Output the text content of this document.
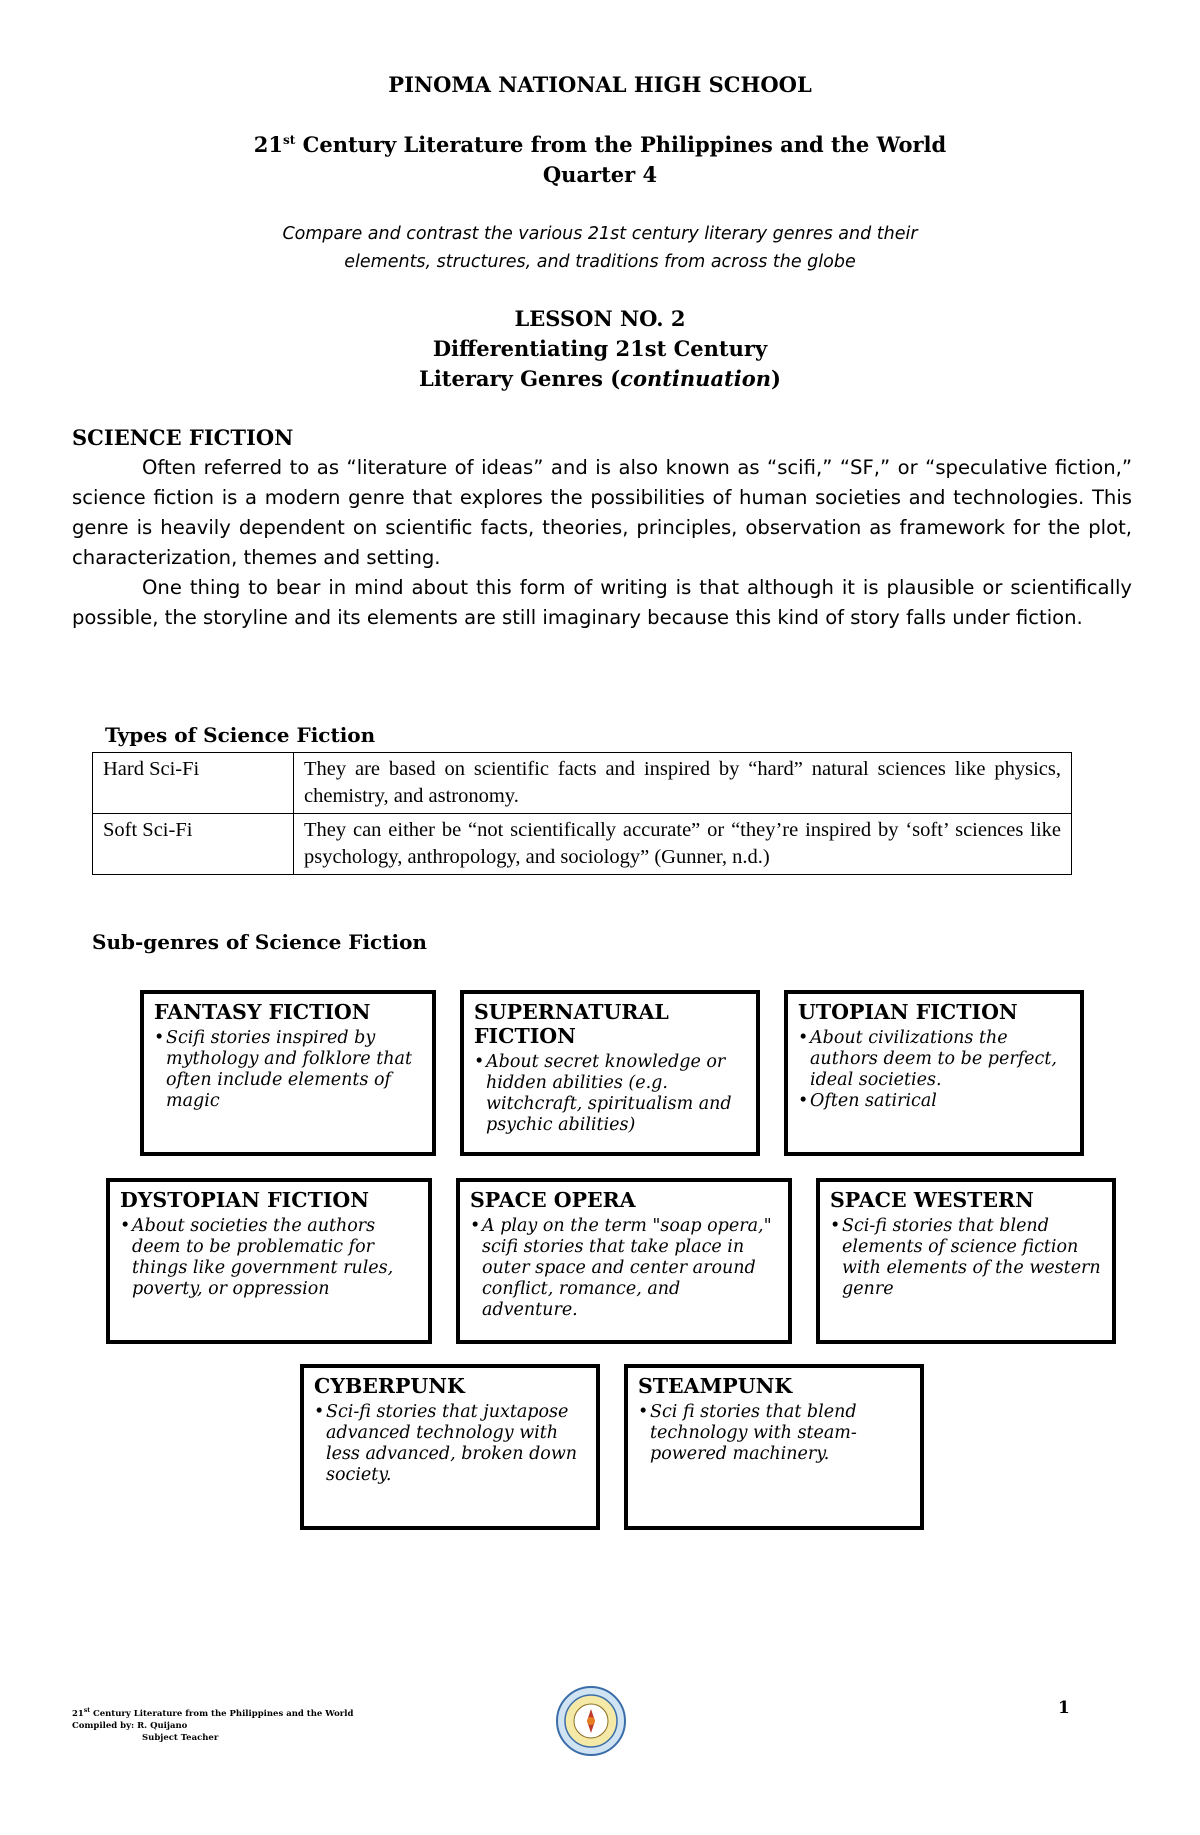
PINOMA NATIONAL HIGH SCHOOL
21st Century Literature from the Philippines and the World
Quarter 4
Compare and contrast the various 21st century literary genres and their
elements, structures, and traditions from across the globe
LESSON NO. 2
Differentiating 21st Century
Literary Genres (continuation)
SCIENCE FICTION

Often referred to as “literature of ideas” and is also known as “scifi,” “SF,” or “speculative fiction,” science fiction is a modern genre that explores the possibilities of human societies and technologies. This genre is heavily dependent on scientific facts, theories, principles, observation as framework for the plot, characterization, themes and setting.

One thing to bear in mind about this form of writing is that although it is plausible or scientifically possible, the storyline and its elements are still imaginary because this kind of story falls under fiction.

Types of Science Fiction
Hard Sci-Fi	They are based on scientific facts and inspired by “hard” natural sciences like physics, chemistry, and astronomy.
Soft Sci-Fi	They can either be “not scientifically accurate” or “they’re inspired by ‘soft’ sciences like psychology, anthropology, and sociology” (Gunner, n.d.)
Sub-genres of Science Fiction
FANTASY FICTION
• Scifi stories inspired by mythology and folklore that often include elements of magic
SUPERNATURAL FICTION
• About secret knowledge or hidden abilities (e.g. witchcraft, spiritualism and psychic abilities)
UTOPIAN FICTION
• About civilizations the authors deem to be perfect, ideal societies.
• Often satirical
DYSTOPIAN FICTION
• About societies the authors deem to be problematic for things like government rules, poverty, or oppression
SPACE OPERA
• A play on the term "soap opera," scifi stories that take place in outer space and center around conflict, romance, and adventure.
SPACE WESTERN
• Sci-fi stories that blend elements of science fiction with elements of the western genre
CYBERPUNK
• Sci-fi stories that juxtapose advanced technology with less advanced, broken down society.
STEAMPUNK
• Sci fi stories that blend technology with steam-powered machinery.
21st Century Literature from the Philippines and the World
Compiled by: R. Quijano
Subject Teacher
1
